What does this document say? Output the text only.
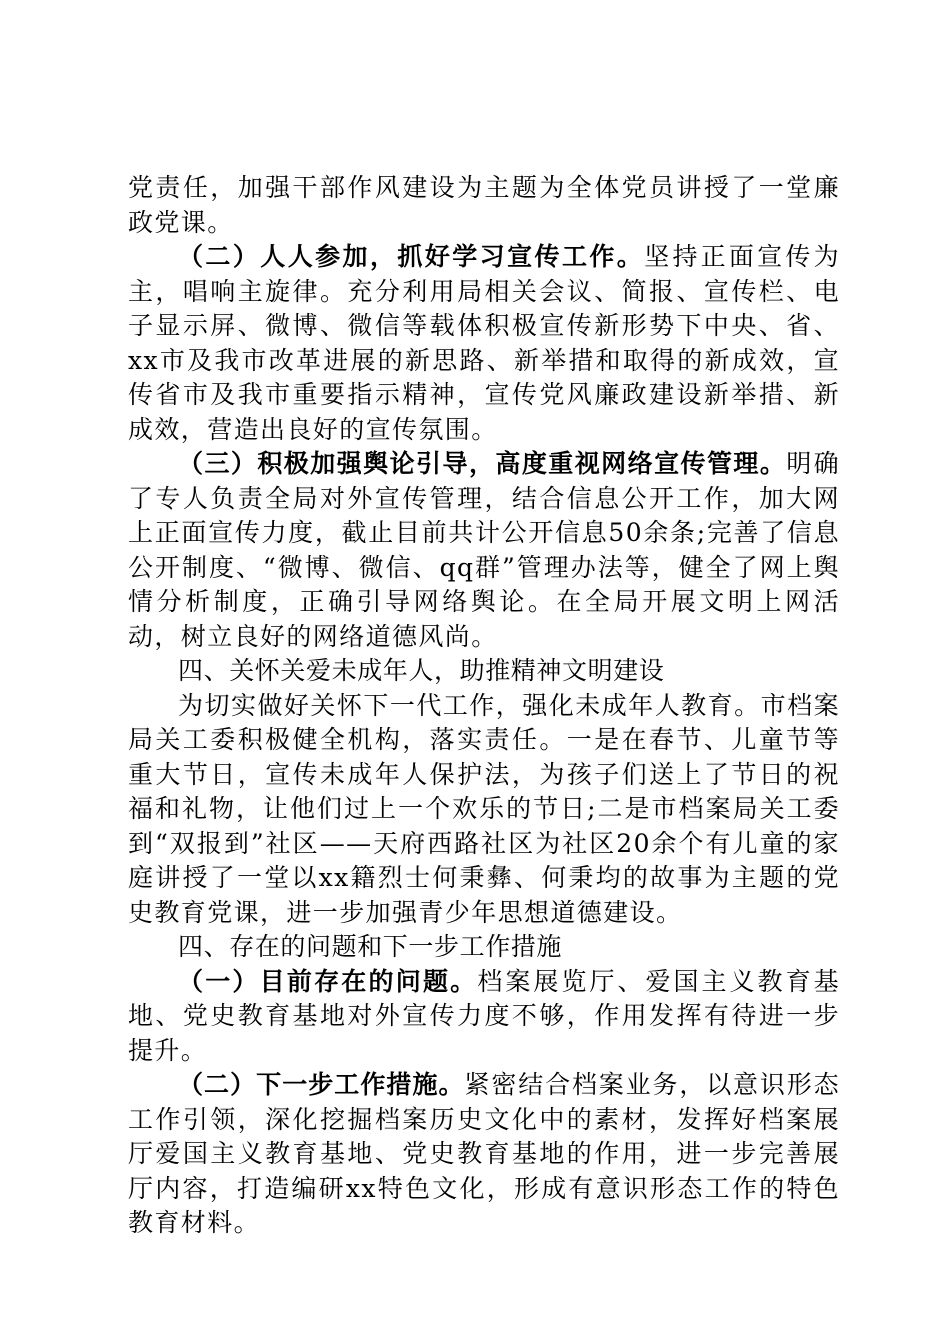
党责任，加强干部作风建设为主题为全体党员讲授了一堂廉政党课。

（二）人人参加，抓好学习宣传工作。坚持正面宣传为主，唱响主旋律。充分利用局相关会议、简报、宣传栏、电子显示屏、微博、微信等载体积极宣传新形势下中央、省、xx市及我市改革进展的新思路、新举措和取得的新成效，宣传省市及我市重要指示精神，宣传党风廉政建设新举措、新成效，营造出良好的宣传氛围。

（三）积极加强舆论引导，高度重视网络宣传管理。明确了专人负责全局对外宣传管理，结合信息公开工作，加大网上正面宣传力度，截止目前共计公开信息50余条;完善了信息公开制度、“微博、微信、qq群”管理办法等，健全了网上舆情分析制度，正确引导网络舆论。在全局开展文明上网活动，树立良好的网络道德风尚。

四、关怀关爱未成年人，助推精神文明建设

为切实做好关怀下一代工作，强化未成年人教育。市档案局关工委积极健全机构，落实责任。一是在春节、儿童节等重大节日，宣传未成年人保护法，为孩子们送上了节日的祝福和礼物，让他们过上一个欢乐的节日;二是市档案局关工委到“双报到”社区——天府西路社区为社区20余个有儿童的家庭讲授了一堂以xx籍烈士何秉彝、何秉均的故事为主题的党史教育党课，进一步加强青少年思想道德建设。

四、存在的问题和下一步工作措施

（一）目前存在的问题。档案展览厅、爱国主义教育基地、党史教育基地对外宣传力度不够，作用发挥有待进一步提升。

（二）下一步工作措施。紧密结合档案业务，以意识形态工作引领，深化挖掘档案历史文化中的素材，发挥好档案展厅爱国主义教育基地、党史教育基地的作用，进一步完善展厅内容，打造编研xx特色文化，形成有意识形态工作的特色教育材料。
